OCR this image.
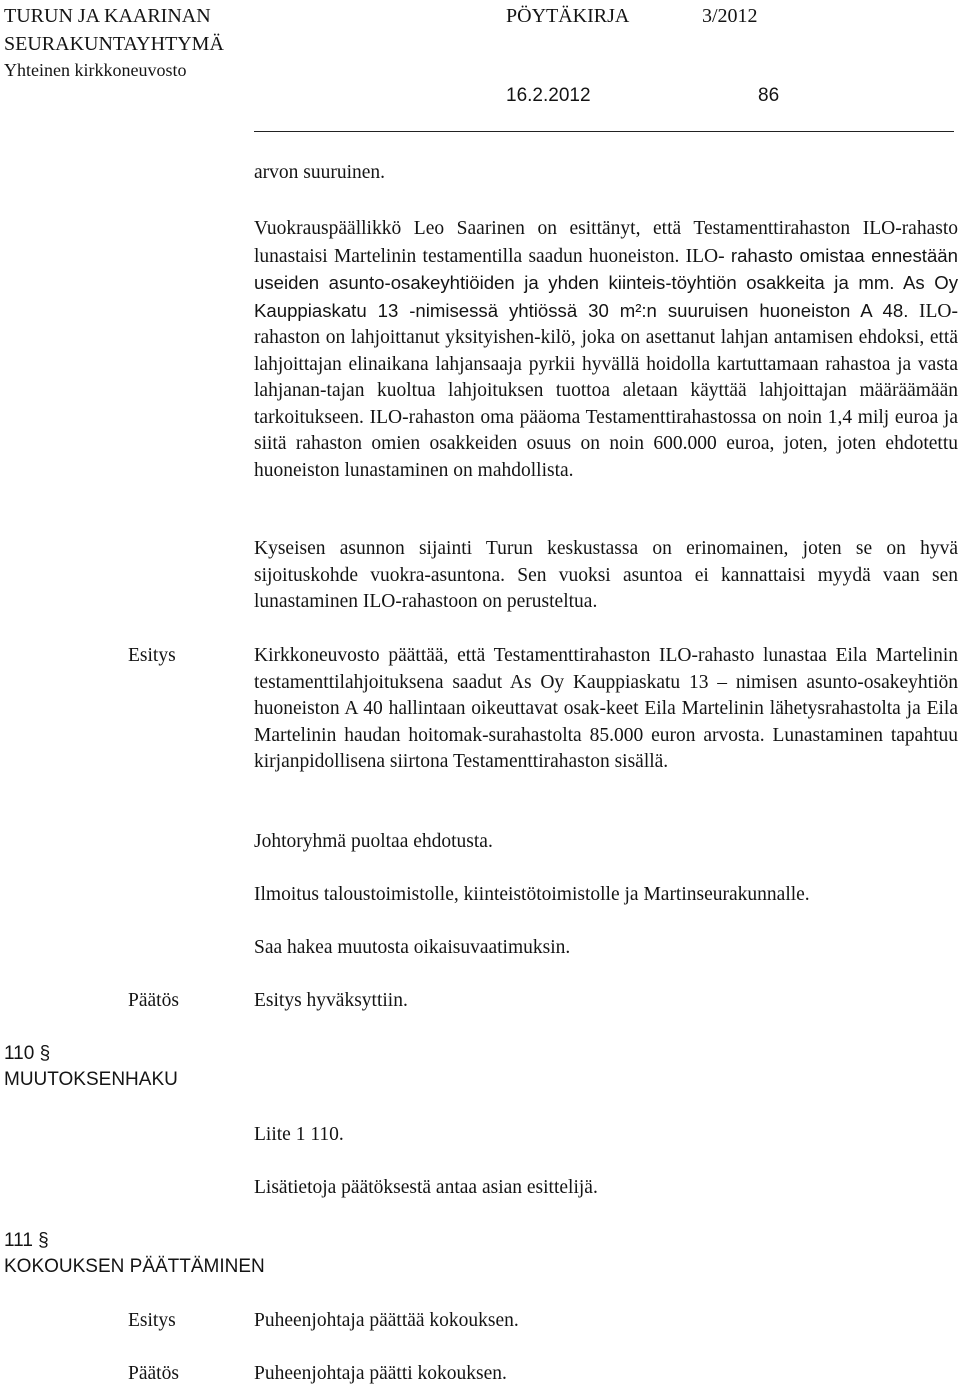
TURUN JA KAARINAN
SEURAKUNTAYHTYMÄ
Yhteinen kirkkoneuvosto
PÖYTÄKIRJA	3/2012
16.2.2012	86
arvon suuruinen.
Vuokrauspäällikkö Leo Saarinen on esittänyt, että Testamenttirahaston ILO-rahasto lunastaisi Martelinin testamentilla saadun huoneiston. ILO- rahasto omistaa ennestään useiden asunto-osakeyhtiöiden ja yhden kiinteis-töyhtiön osakkeita ja mm. As Oy Kauppiaskatu 13 -nimisessä yhtiössä 30 m²:n suuruisen huoneiston A 48. ILO-rahaston on lahjoittanut yksityishen-kilö, joka on asettanut lahjan antamisen ehdoksi, että lahjoittajan elinaikana lahjansaaja pyrkii hyvällä hoidolla kartuttamaan rahastoa ja vasta lahjanan-tajan kuoltua lahjoituksen tuottoa aletaan käyttää lahjoittajan määräämään tarkoitukseen. ILO-rahaston oma pääoma Testamenttirahastossa on noin 1,4 milj euroa ja siitä rahaston omien osakkeiden osuus on noin 600.000 euroa, joten, joten ehdotettu huoneiston lunastaminen on mahdollista.
Kyseisen asunnon sijainti Turun keskustassa on erinomainen, joten se on hyvä sijoituskohde vuokra-asuntona. Sen vuoksi asuntoa ei kannattaisi myydä vaan sen lunastaminen ILO-rahastoon on perusteltua.
Esitys	Kirkkoneuvosto päättää, että Testamenttirahaston ILO-rahasto lunastaa Eila Martelinin testamenttilahjoituksena saadut As Oy Kauppiaskatu 13 – nimisen asunto-osakeyhtiön huoneiston A 40 hallintaan oikeuttavat osak-keet Eila Martelinin lähetysrahastolta ja Eila Martelinin haudan hoitomak-surahastolta 85.000 euron arvosta. Lunastaminen tapahtuu kirjanpidollisena siirtona Testamenttirahaston sisällä.
Johtoryhmä puoltaa ehdotusta.
Ilmoitus taloustoimistolle, kiinteistötoimistolle ja Martinseurakunnalle.
Saa hakea muutosta oikaisuvaatimuksin.
Päätös	Esitys hyväksyttiin.
110 §
MUUTOKSENHAKU
Liite 1 110.
Lisätietoja päätöksestä antaa asian esittelijä.
111 §
KOKOUKSEN PÄÄTTÄMINEN
Esitys	Puheenjohtaja päättää kokouksen.
Päätös	Puheenjohtaja päätti kokouksen.
